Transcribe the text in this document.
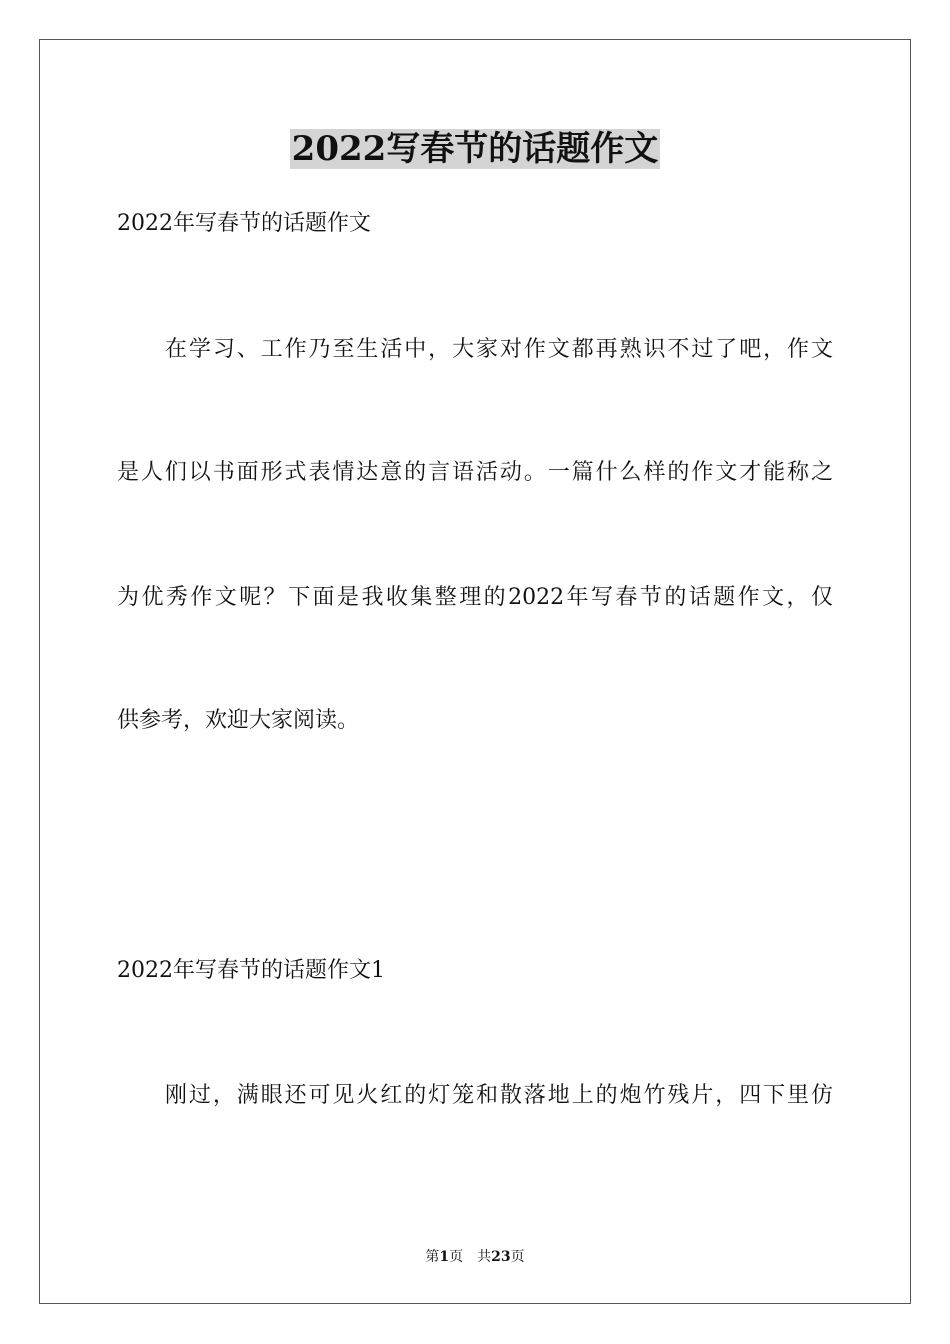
2022写春节的话题作文

2022年写春节的话题作文

在学习、工作乃至生活中，大家对作文都再熟识不过了吧，作文

是人们以书面形式表情达意的言语活动。一篇什么样的作文才能称之

为优秀作文呢？下面是我收集整理的2022年写春节的话题作文，仅

供参考，欢迎大家阅读。

2022年写春节的话题作文1

刚过，满眼还可见火红的灯笼和散落地上的炮竹残片，四下里仿

第1页　共23页
